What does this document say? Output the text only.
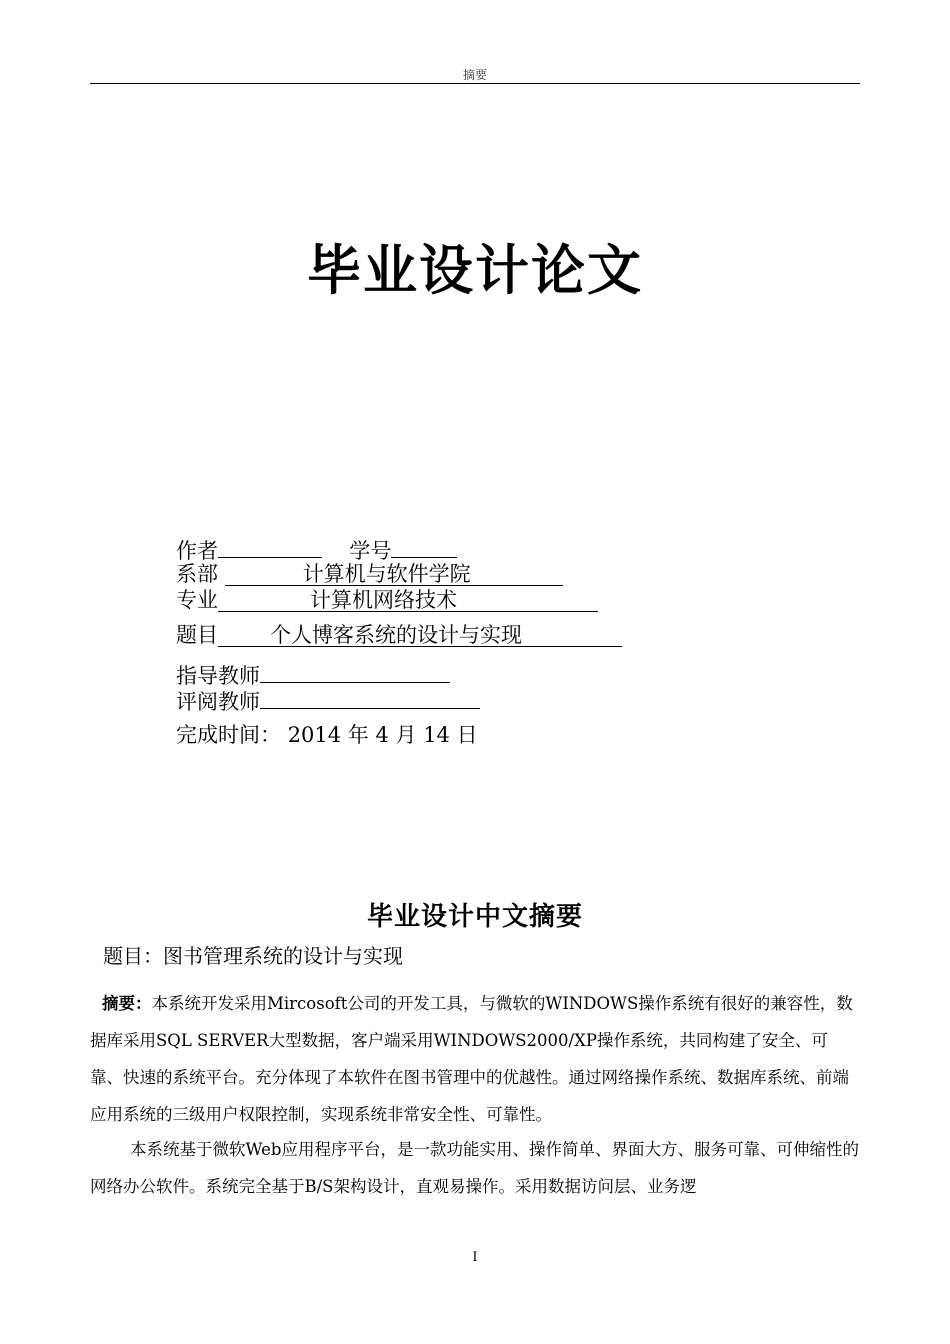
摘要
毕业设计论文
作者	学号
系部	计算机与软件学院
专业	计算机网络技术
题目 个人博客系统的设计与实现
指导教师
评阅教师
完成时间： 2014 年 4 月 14 日
毕业设计中文摘要
题目：图书管理系统的设计与实现
摘要：本系统开发采用Mircosoft公司的开发工具，与微软的WINDOWS操作系统有很好的兼容性，数据库采用SQL SERVER大型数据，客户端采用WINDOWS2000/XP操作系统，共同构建了安全、可靠、快速的系统平台。充分体现了本软件在图书管理中的优越性。通过网络操作系统、数据库系统、前端应用系统的三级用户权限控制，实现系统非常安全性、可靠性。
本系统基于微软Web应用程序平台，是一款功能实用、操作简单、界面大方、服务可靠、可伸缩性的网络办公软件。系统完全基于B/S架构设计，直观易操作。采用数据访问层、业务逻
I
